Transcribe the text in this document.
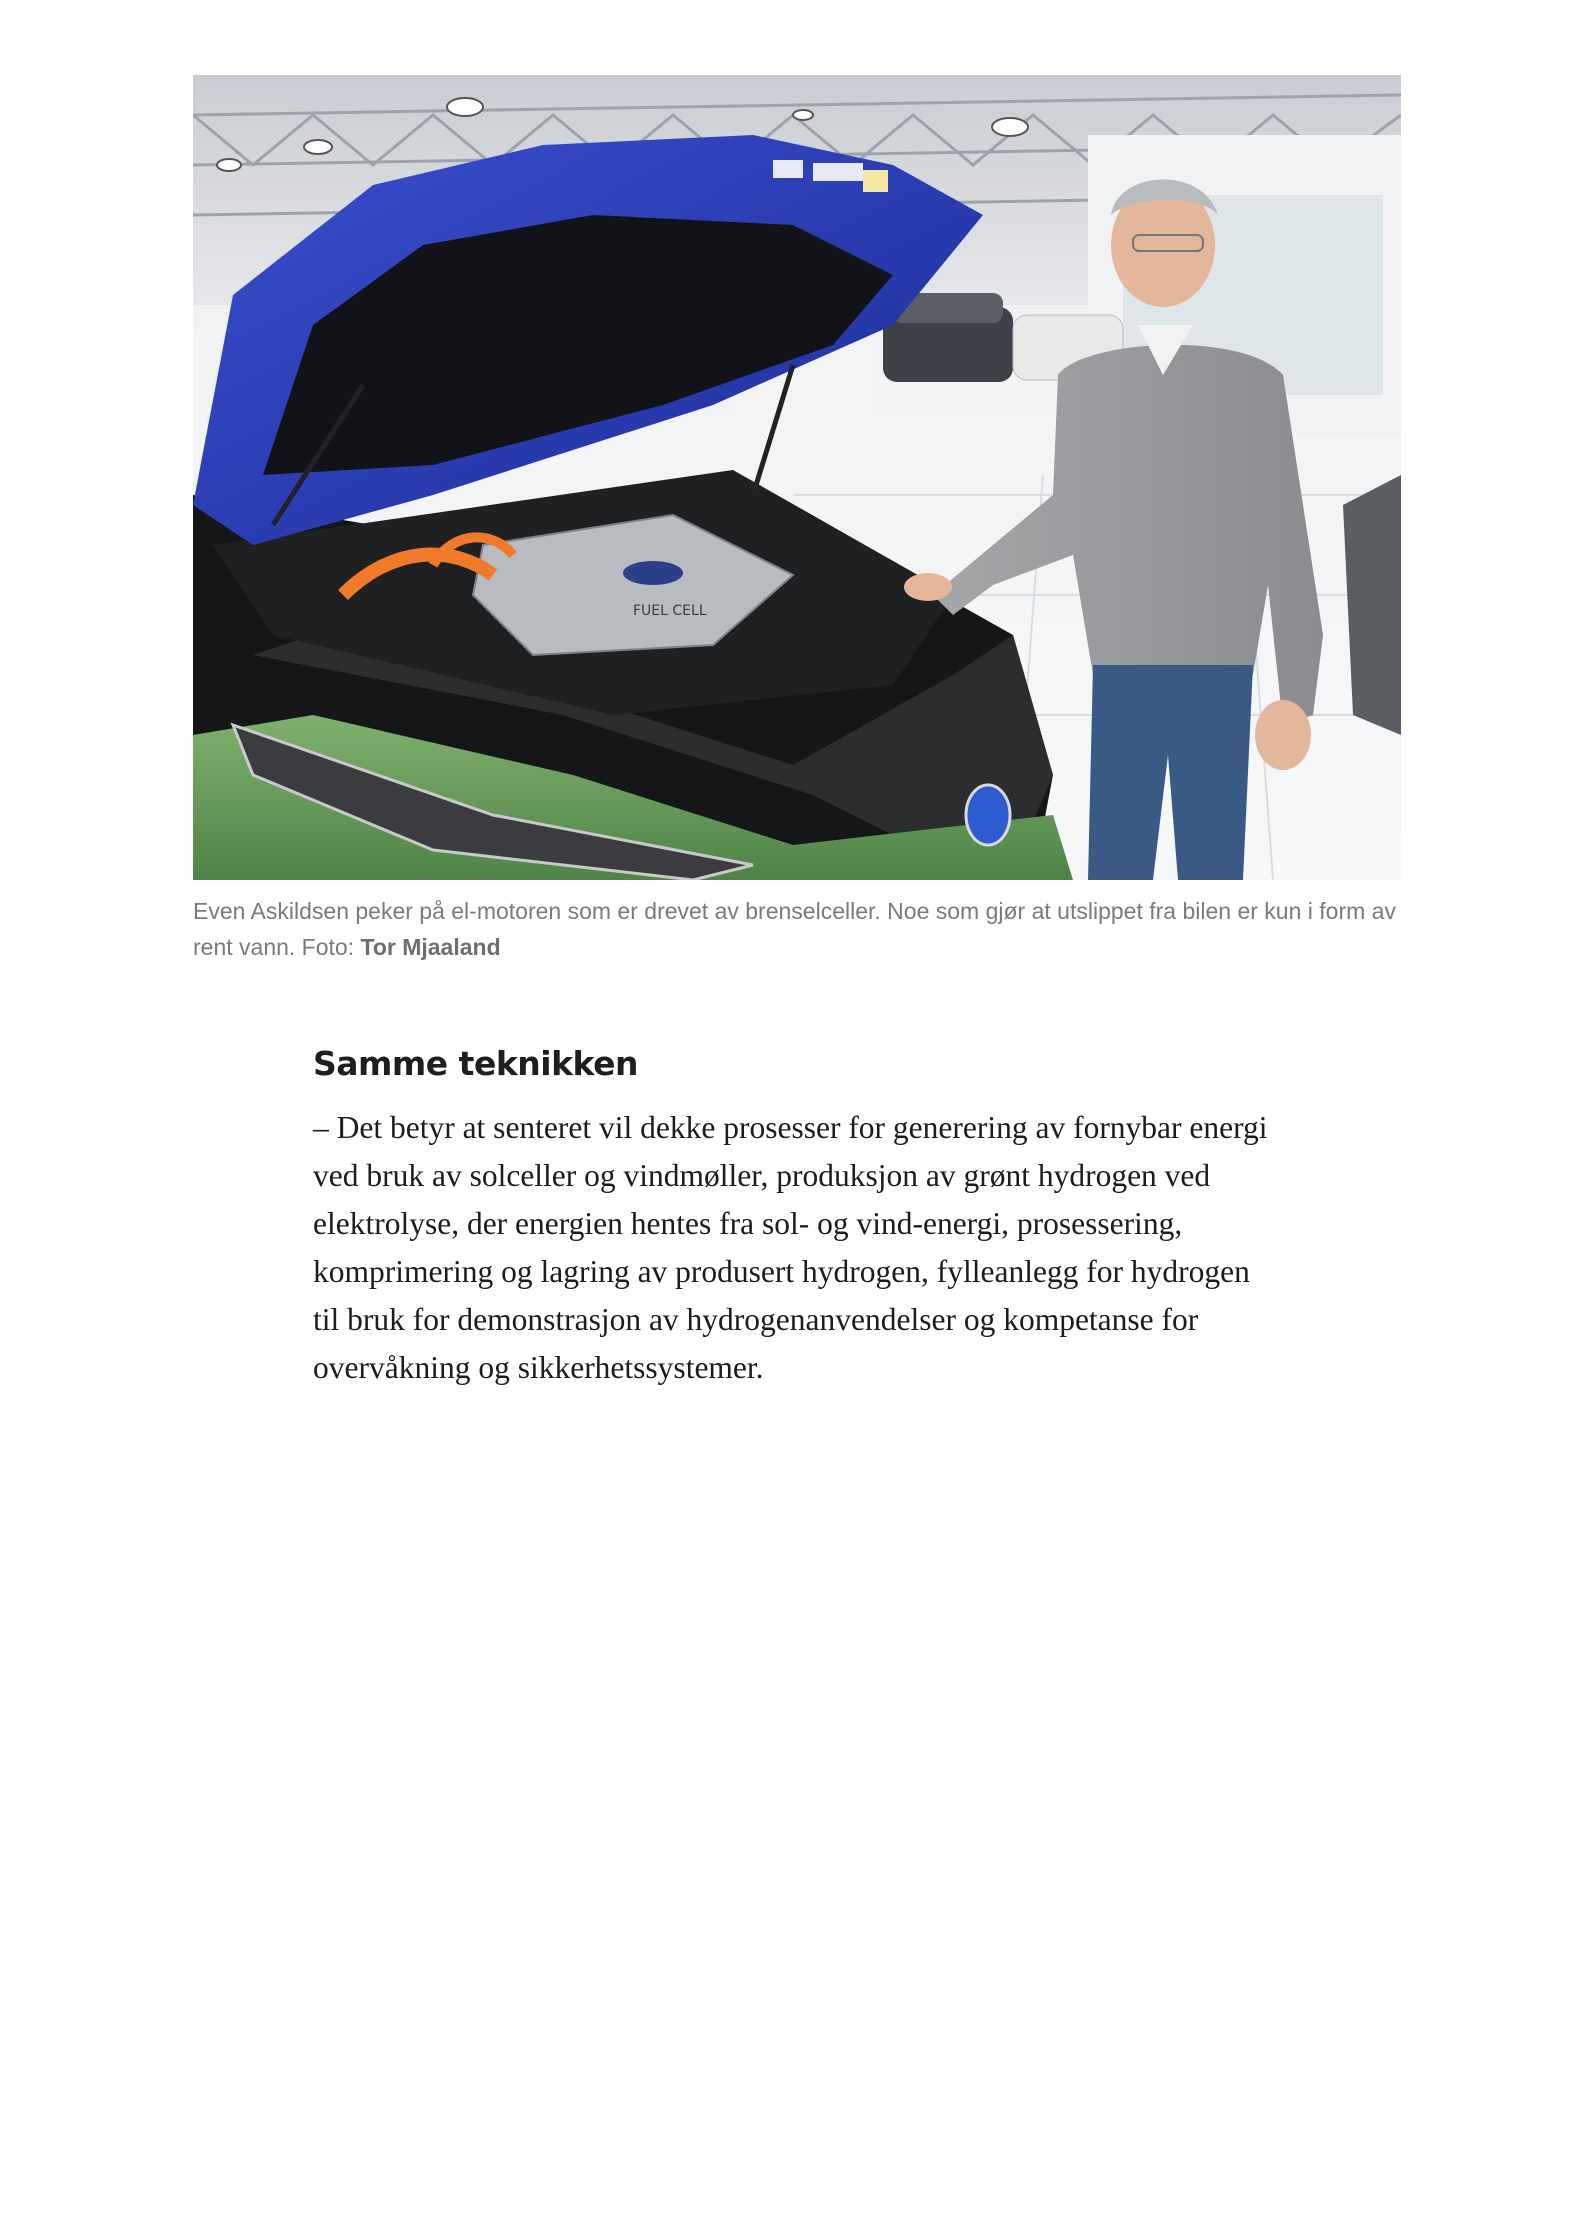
FUEL CELL
Even Askildsen peker på el-motoren som er drevet av brenselceller. Noe som gjør at utslippet fra bilen er kun i form av rent vann. Foto: Tor Mjaaland
Samme teknikken

– Det betyr at senteret vil dekke prosesser for generering av fornybar energi ved bruk av solceller og vindmøller, produksjon av grønt hydrogen ved elektrolyse, der energien hentes fra sol- og vind-energi, prosessering, komprimering og lagring av produsert hydrogen, fylleanlegg for hydrogen til bruk for demonstrasjon av hydrogenanvendelser og kompetanse for overvåkning og sikkerhetssystemer.
